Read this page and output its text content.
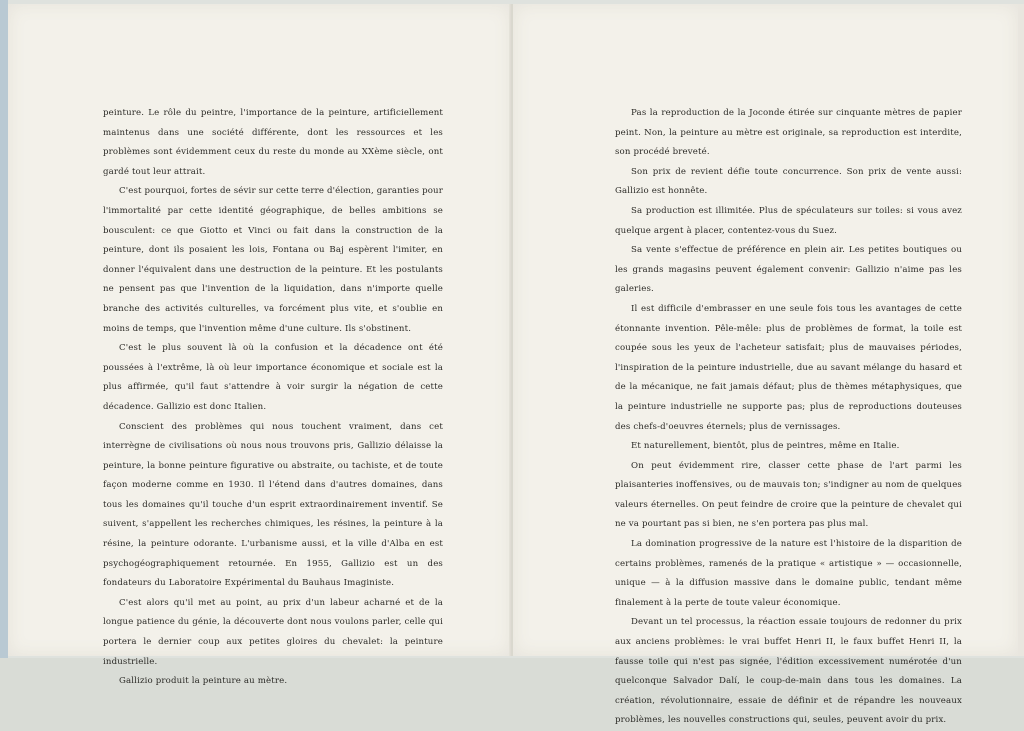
peinture. Le rôle du peintre, l'importance de la peinture, artificiellement maintenus dans une société différente, dont les ressources et les problèmes sont évidemment ceux du reste du monde au XXème siècle, ont gardé tout leur attrait.

C'est pourquoi, fortes de sévir sur cette terre d'élection, garanties pour l'immortalité par cette identité géographique, de belles ambitions se bousculent: ce que Giotto et Vinci ou fait dans la construction de la peinture, dont ils posaient les lois, Fontana ou Baj espèrent l'imiter, en donner l'équivalent dans une destruction de la peinture. Et les postulants ne pensent pas que l'invention de la liquidation, dans n'importe quelle branche des activités culturelles, va forcément plus vite, et s'oublie en moins de temps, que l'invention même d'une culture. Ils s'obstinent.

C'est le plus souvent là où la confusion et la décadence ont été poussées à l'extrême, là où leur importance économique et sociale est la plus affirmée, qu'il faut s'attendre à voir surgir la négation de cette décadence. Gallizio est donc Italien.

Conscient des problèmes qui nous touchent vraiment, dans cet interrègne de civilisations où nous nous trouvons pris, Gallizio délaisse la peinture, la bonne peinture figurative ou abstraite, ou tachiste, et de toute façon moderne comme en 1930. Il l'étend dans d'autres domaines, dans tous les domaines qu'il touche d'un esprit extraordinairement inventif. Se suivent, s'appellent les recherches chimiques, les résines, la peinture à la résine, la peinture odorante. L'urbanisme aussi, et la ville d'Alba en est psychogéographiquement retournée. En 1955, Gallizio est un des fondateurs du Laboratoire Expérimental du Bauhaus Imaginiste.

C'est alors qu'il met au point, au prix d'un labeur acharné et de la longue patience du génie, la découverte dont nous voulons parler, celle qui portera le dernier coup aux petites gloires du chevalet: la peinture industrielle.

Gallizio produit la peinture au mètre.

Pas la reproduction de la Joconde étirée sur cinquante mètres de papier peint. Non, la peinture au mètre est originale, sa reproduction est interdite, son procédé breveté.

Son prix de revient défie toute concurrence. Son prix de vente aussi: Gallizio est honnête.

Sa production est illimitée. Plus de spéculateurs sur toiles: si vous avez quelque argent à placer, contentez-vous du Suez.

Sa vente s'effectue de préférence en plein air. Les petites boutiques ou les grands magasins peuvent également convenir: Gallizio n'aime pas les galeries.

Il est difficile d'embrasser en une seule fois tous les avantages de cette étonnante invention. Pêle-mêle: plus de problèmes de format, la toile est coupée sous les yeux de l'acheteur satisfait; plus de mauvaises périodes, l'inspiration de la peinture industrielle, due au savant mélange du hasard et de la mécanique, ne fait jamais défaut; plus de thèmes métaphysiques, que la peinture industrielle ne supporte pas; plus de reproductions douteuses des chefs-d'oeuvres éternels; plus de vernissages.

Et naturellement, bientôt, plus de peintres, même en Italie.

On peut évidemment rire, classer cette phase de l'art parmi les plaisanteries inoffensives, ou de mauvais ton; s'indigner au nom de quelques valeurs éternelles. On peut feindre de croire que la peinture de chevalet qui ne va pourtant pas si bien, ne s'en portera pas plus mal.

La domination progressive de la nature est l'histoire de la disparition de certains problèmes, ramenés de la pratique « artistique » — occasionnelle, unique — à la diffusion massive dans le domaine public, tendant même finalement à la perte de toute valeur économique.

Devant un tel processus, la réaction essaie toujours de redonner du prix aux anciens problèmes: le vrai buffet Henri II, le faux buffet Henri II, la fausse toile qui n'est pas signée, l'édition excessivement numérotée d'un quelconque Salvador Dalí, le coup-de-main dans tous les domaines. La création, révolutionnaire, essaie de définir et de répandre les nouveaux problèmes, les nouvelles constructions qui, seules, peuvent avoir du prix.
